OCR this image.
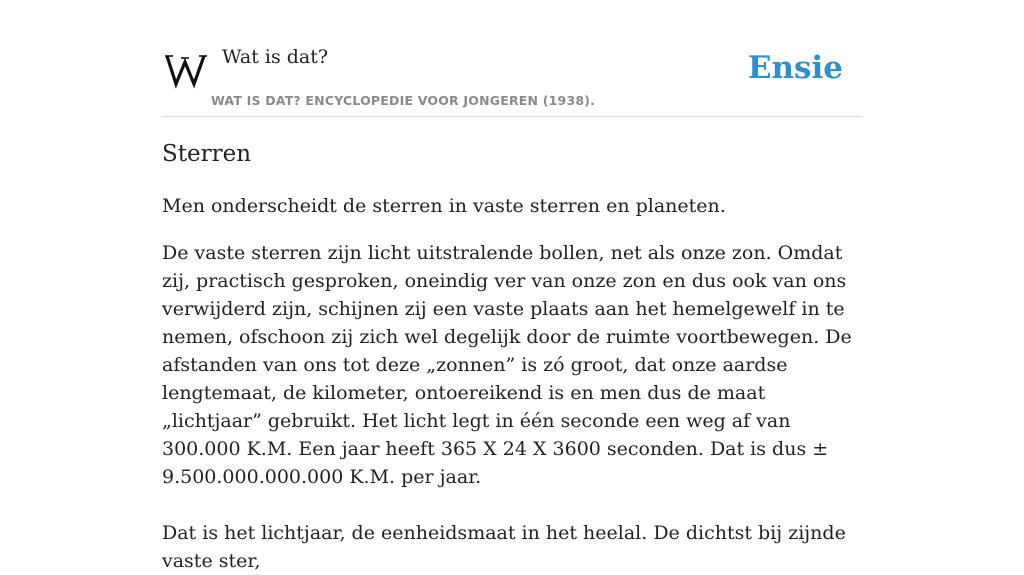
Wat is dat?
WAT IS DAT? ENCYCLOPEDIE VOOR JONGEREN (1938).
Ensie
Sterren

Men onderscheidt de sterren in vaste sterren en planeten.

De vaste sterren zijn licht uitstralende bollen, net als onze zon. Omdat zij, practisch gesproken, oneindig ver van onze zon en dus ook van ons verwijderd zijn, schijnen zij een vaste plaats aan het hemelgewelf in te nemen, ofschoon zij zich wel degelijk door de ruimte voortbewegen. De afstanden van ons tot deze „zonnen” is zó groot, dat onze aardse lengtemaat, de kilometer, ontoereikend is en men dus de maat „lichtjaar” gebruikt. Het licht legt in één seconde een weg af van 300.000 K.M. Een jaar heeft 365 X 24 X 3600 seconden. Dat is dus ± 9.500.000.000.000 K.M. per jaar.

Dat is het lichtjaar, de eenheidsmaat in het heelal. De dichtst bij zijnde vaste ster,
